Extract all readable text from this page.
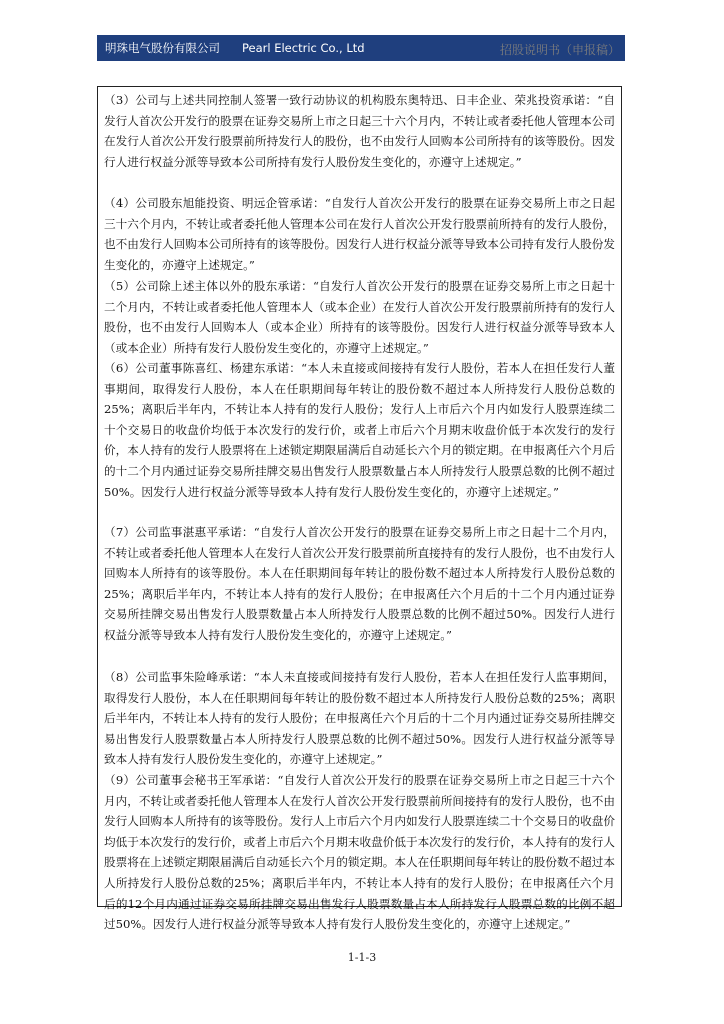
明珠电气股份有限公司 Pearl Electric Co., Ltd	招股说明书（申报稿）

（3）公司与上述共同控制人签署一致行动协议的机构股东奥特迅、日丰企业、荣兆投资承诺：“自发行人首次公开发行的股票在证券交易所上市之日起三十六个月内，不转让或者委托他人管理本公司在发行人首次公开发行股票前所持发行人的股份，也不由发行人回购本公司所持有的该等股份。因发行人进行权益分派等导致本公司所持有发行人股份发生变化的，亦遵守上述规定。”

（4）公司股东旭能投资、明远企管承诺：“自发行人首次公开发行的股票在证券交易所上市之日起三十六个月内，不转让或者委托他人管理本公司在发行人首次公开发行股票前所持有的发行人股份，也不由发行人回购本公司所持有的该等股份。因发行人进行权益分派等导致本公司持有发行人股份发生变化的，亦遵守上述规定。”

（5）公司除上述主体以外的股东承诺：“自发行人首次公开发行的股票在证券交易所上市之日起十二个月内，不转让或者委托他人管理本人（或本企业）在发行人首次公开发行股票前所持有的发行人股份，也不由发行人回购本人（或本企业）所持有的该等股份。因发行人进行权益分派等导致本人（或本企业）所持有发行人股份发生变化的，亦遵守上述规定。”

（6）公司董事陈喜红、杨建东承诺：“本人未直接或间接持有发行人股份，若本人在担任发行人董事期间，取得发行人股份，本人在任职期间每年转让的股份数不超过本人所持发行人股份总数的25%；离职后半年内，不转让本人持有的发行人股份；发行人上市后六个月内如发行人股票连续二十个交易日的收盘价均低于本次发行的发行价，或者上市后六个月期末收盘价低于本次发行的发行价，本人持有的发行人股票将在上述锁定期限届满后自动延长六个月的锁定期。在申报离任六个月后的十二个月内通过证券交易所挂牌交易出售发行人股票数量占本人所持发行人股票总数的比例不超过50%。因发行人进行权益分派等导致本人持有发行人股份发生变化的，亦遵守上述规定。”

（7）公司监事湛惠平承诺：“自发行人首次公开发行的股票在证券交易所上市之日起十二个月内，不转让或者委托他人管理本人在发行人首次公开发行股票前所直接持有的发行人股份，也不由发行人回购本人所持有的该等股份。本人在任职期间每年转让的股份数不超过本人所持发行人股份总数的25%；离职后半年内，不转让本人持有的发行人股份；在申报离任六个月后的十二个月内通过证券交易所挂牌交易出售发行人股票数量占本人所持发行人股票总数的比例不超过50%。因发行人进行权益分派等导致本人持有发行人股份发生变化的，亦遵守上述规定。”

（8）公司监事朱险峰承诺：“本人未直接或间接持有发行人股份，若本人在担任发行人监事期间，取得发行人股份，本人在任职期间每年转让的股份数不超过本人所持发行人股份总数的25%；离职后半年内，不转让本人持有的发行人股份；在申报离任六个月后的十二个月内通过证券交易所挂牌交易出售发行人股票数量占本人所持发行人股票总数的比例不超过50%。因发行人进行权益分派等导致本人持有发行人股份发生变化的，亦遵守上述规定。”

（9）公司董事会秘书王军承诺：“自发行人首次公开发行的股票在证券交易所上市之日起三十六个月内，不转让或者委托他人管理本人在发行人首次公开发行股票前所间接持有的发行人股份，也不由发行人回购本人所持有的该等股份。发行人上市后六个月内如发行人股票连续二十个交易日的收盘价均低于本次发行的发行价，或者上市后六个月期末收盘价低于本次发行的发行价，本人持有的发行人股票将在上述锁定期限届满后自动延长六个月的锁定期。本人在任职期间每年转让的股份数不超过本人所持发行人股份总数的25%；离职后半年内，不转让本人持有的发行人股份；在申报离任六个月后的12个月内通过证券交易所挂牌交易出售发行人股票数量占本人所持发行人股票总数的比例不超过50%。因发行人进行权益分派等导致本人持有发行人股份发生变化的，亦遵守上述规定。”

1-1-3
